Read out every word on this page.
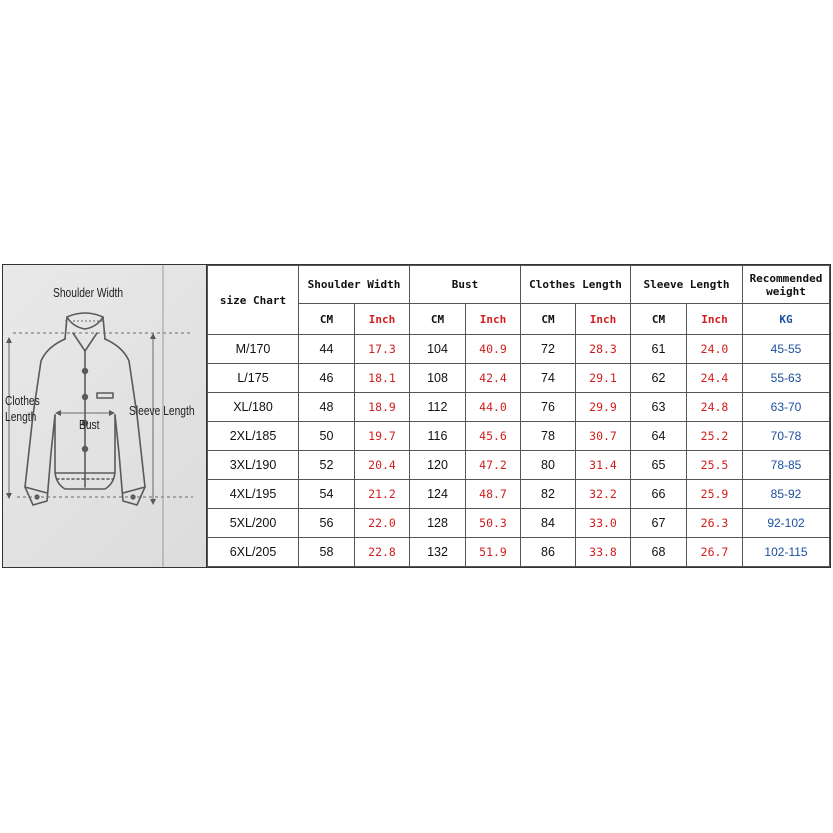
Shoulder Width
Clothes
Length
Bust
Sleeve Length
size Chart	Shoulder Width		Bust		Clothes Length		Sleeve Length		Recommended
weight
	CM	Inch	CM	Inch	CM	Inch	CM	Inch	KG
M/170	44	17.3	104	40.9	72	28.3	61	24.0	45-55
L/175	46	18.1	108	42.4	74	29.1	62	24.4	55-63
XL/180	48	18.9	112	44.0	76	29.9	63	24.8	63-70
2XL/185	50	19.7	116	45.6	78	30.7	64	25.2	70-78
3XL/190	52	20.4	120	47.2	80	31.4	65	25.5	78-85
4XL/195	54	21.2	124	48.7	82	32.2	66	25.9	85-92
5XL/200	56	22.0	128	50.3	84	33.0	67	26.3	92-102
6XL/205	58	22.8	132	51.9	86	33.8	68	26.7	102-115
